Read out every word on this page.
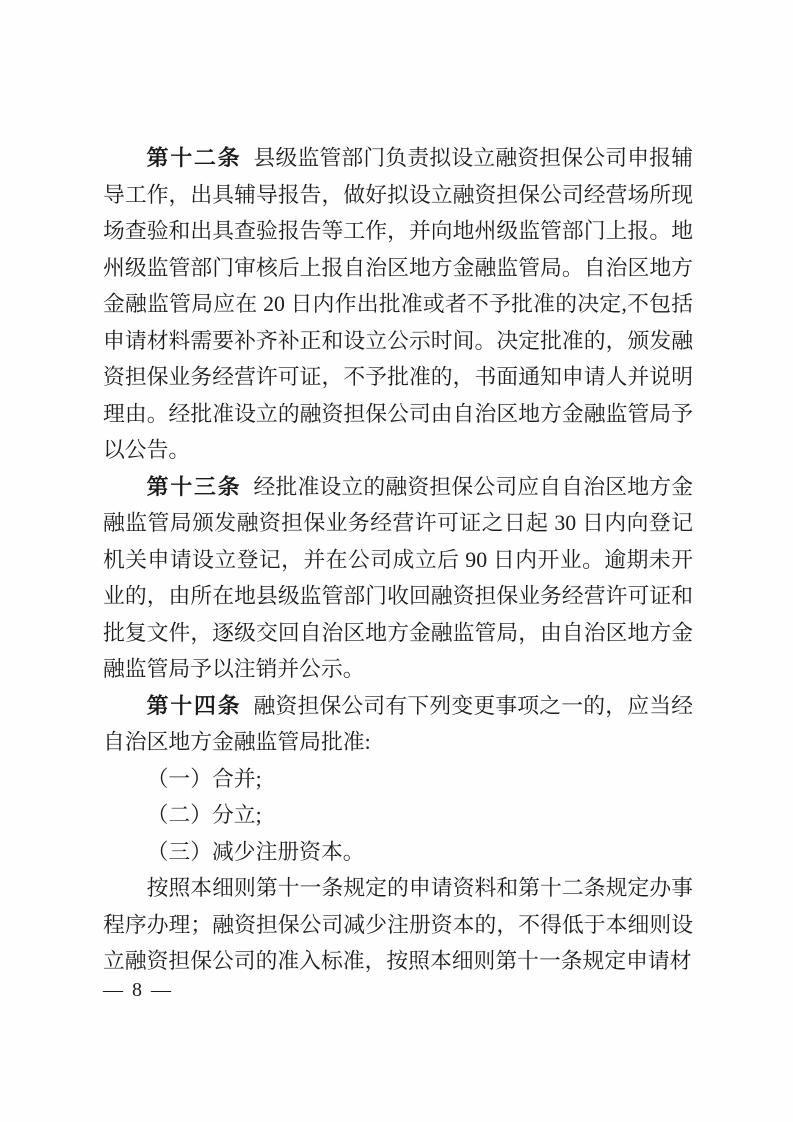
第十二条 县级监管部门负责拟设立融资担保公司申报辅导工作，出具辅导报告，做好拟设立融资担保公司经营场所现场查验和出具查验报告等工作，并向地州级监管部门上报。地州级监管部门审核后上报自治区地方金融监管局。自治区地方金融监管局应在 20 日内作出批准或者不予批准的决定,不包括申请材料需要补齐补正和设立公示时间。决定批准的，颁发融资担保业务经营许可证，不予批准的，书面通知申请人并说明理由。经批准设立的融资担保公司由自治区地方金融监管局予以公告。

第十三条 经批准设立的融资担保公司应自自治区地方金融监管局颁发融资担保业务经营许可证之日起 30 日内向登记机关申请设立登记，并在公司成立后 90 日内开业。逾期未开业的，由所在地县级监管部门收回融资担保业务经营许可证和批复文件，逐级交回自治区地方金融监管局，由自治区地方金融监管局予以注销并公示。

第十四条 融资担保公司有下列变更事项之一的，应当经自治区地方金融监管局批准:

（一）合并;

（二）分立;

（三）减少注册资本。

按照本细则第十一条规定的申请资料和第十二条规定办事程序办理；融资担保公司减少注册资本的，不得低于本细则设立融资担保公司的准入标准，按照本细则第十一条规定申请材

— 8 —
